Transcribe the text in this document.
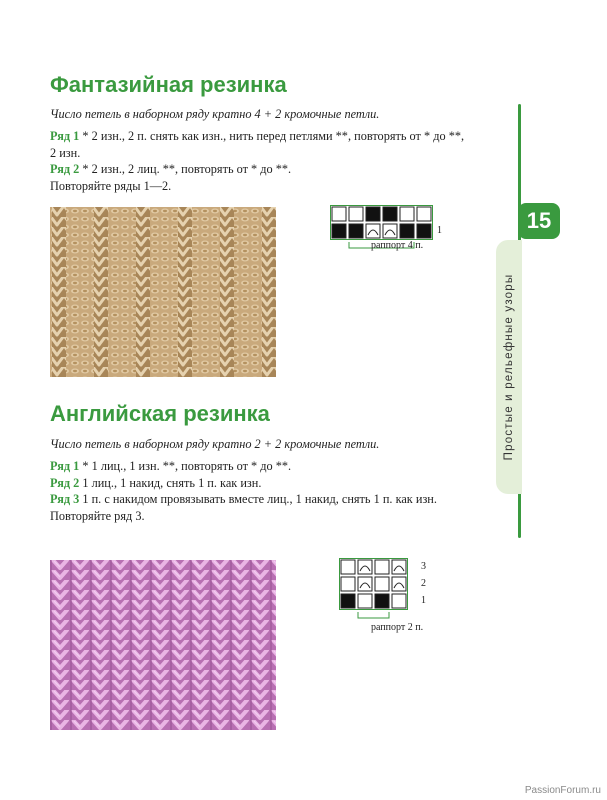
Фантазийная резинка
Число петель в наборном ряду кратно 4 + 2 кромочные петли.
Ряд 1 * 2 изн., 2 п. снять как изн., нить перед петлями **, повторять от * до **, 2 изн.
Ряд 2 * 2 изн., 2 лиц. **, повторять от * до **.
Повторяйте ряды 1—2.
1
раппорт 4 п.
Английская резинка
Число петель в наборном ряду кратно 2 + 2 кромочные петли.
Ряд 1 * 1 лиц., 1 изн. **, повторять от * до **.
Ряд 2 1 лиц., 1 накид, снять 1 п. как изн.
Ряд 3 1 п. с накидом провязывать вместе лиц., 1 накид, снять 1 п. как изн.
Повторяйте ряд 3.
3
2
1
раппорт 2 п.
Простые и рельефные узоры
15
PassionForum.ru
